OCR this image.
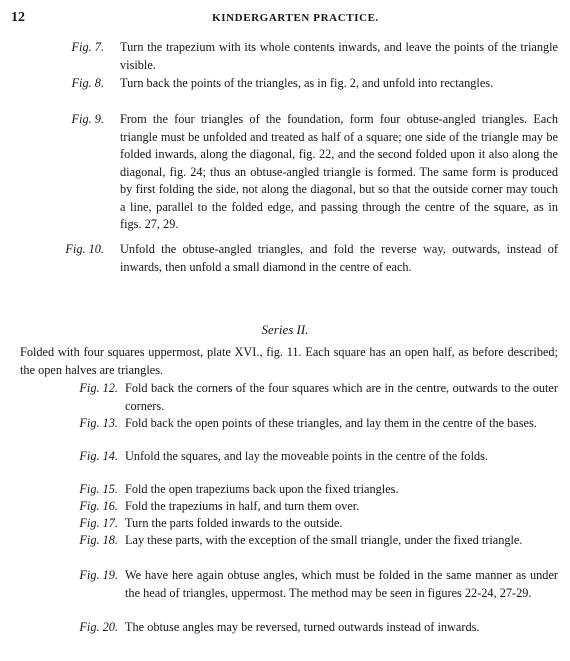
12	KINDERGARTEN PRACTICE.
Fig. 7. Turn the trapezium with its whole contents inwards, and leave the points of the triangle visible.
Fig. 8. Turn back the points of the triangles, as in fig. 2, and unfold into rectangles.
Fig. 9. From the four triangles of the foundation, form four obtuse-angled triangles. Each triangle must be unfolded and treated as half of a square; one side of the triangle may be folded inwards, along the diagonal, fig. 22, and the second folded upon it also along the diagonal, fig. 24; thus an obtuse-angled triangle is formed. The same form is produced by first folding the side, not along the diagonal, but so that the outside corner may touch a line, parallel to the folded edge, and passing through the centre of the square, as in figs. 27, 29.
Fig. 10. Unfold the obtuse-angled triangles, and fold the reverse way, outwards, instead of inwards, then unfold a small diamond in the centre of each.
Series II.
Folded with four squares uppermost, plate XVI., fig. 11. Each square has an open half, as before described; the open halves are triangles.
Fig. 12. Fold back the corners of the four squares which are in the centre, outwards to the outer corners.
Fig. 13. Fold back the open points of these triangles, and lay them in the centre of the bases.
Fig. 14. Unfold the squares, and lay the moveable points in the centre of the folds.
Fig. 15. Fold the open trapeziums back upon the fixed triangles.
Fig. 16. Fold the trapeziums in half, and turn them over.
Fig. 17. Turn the parts folded inwards to the outside.
Fig. 18. Lay these parts, with the exception of the small triangle, under the fixed triangle.
Fig. 19. We have here again obtuse angles, which must be folded in the same manner as under the head of triangles, uppermost. The method may be seen in figures 22-24, 27-29.
Fig. 20. The obtuse angles may be reversed, turned outwards instead of inwards.
